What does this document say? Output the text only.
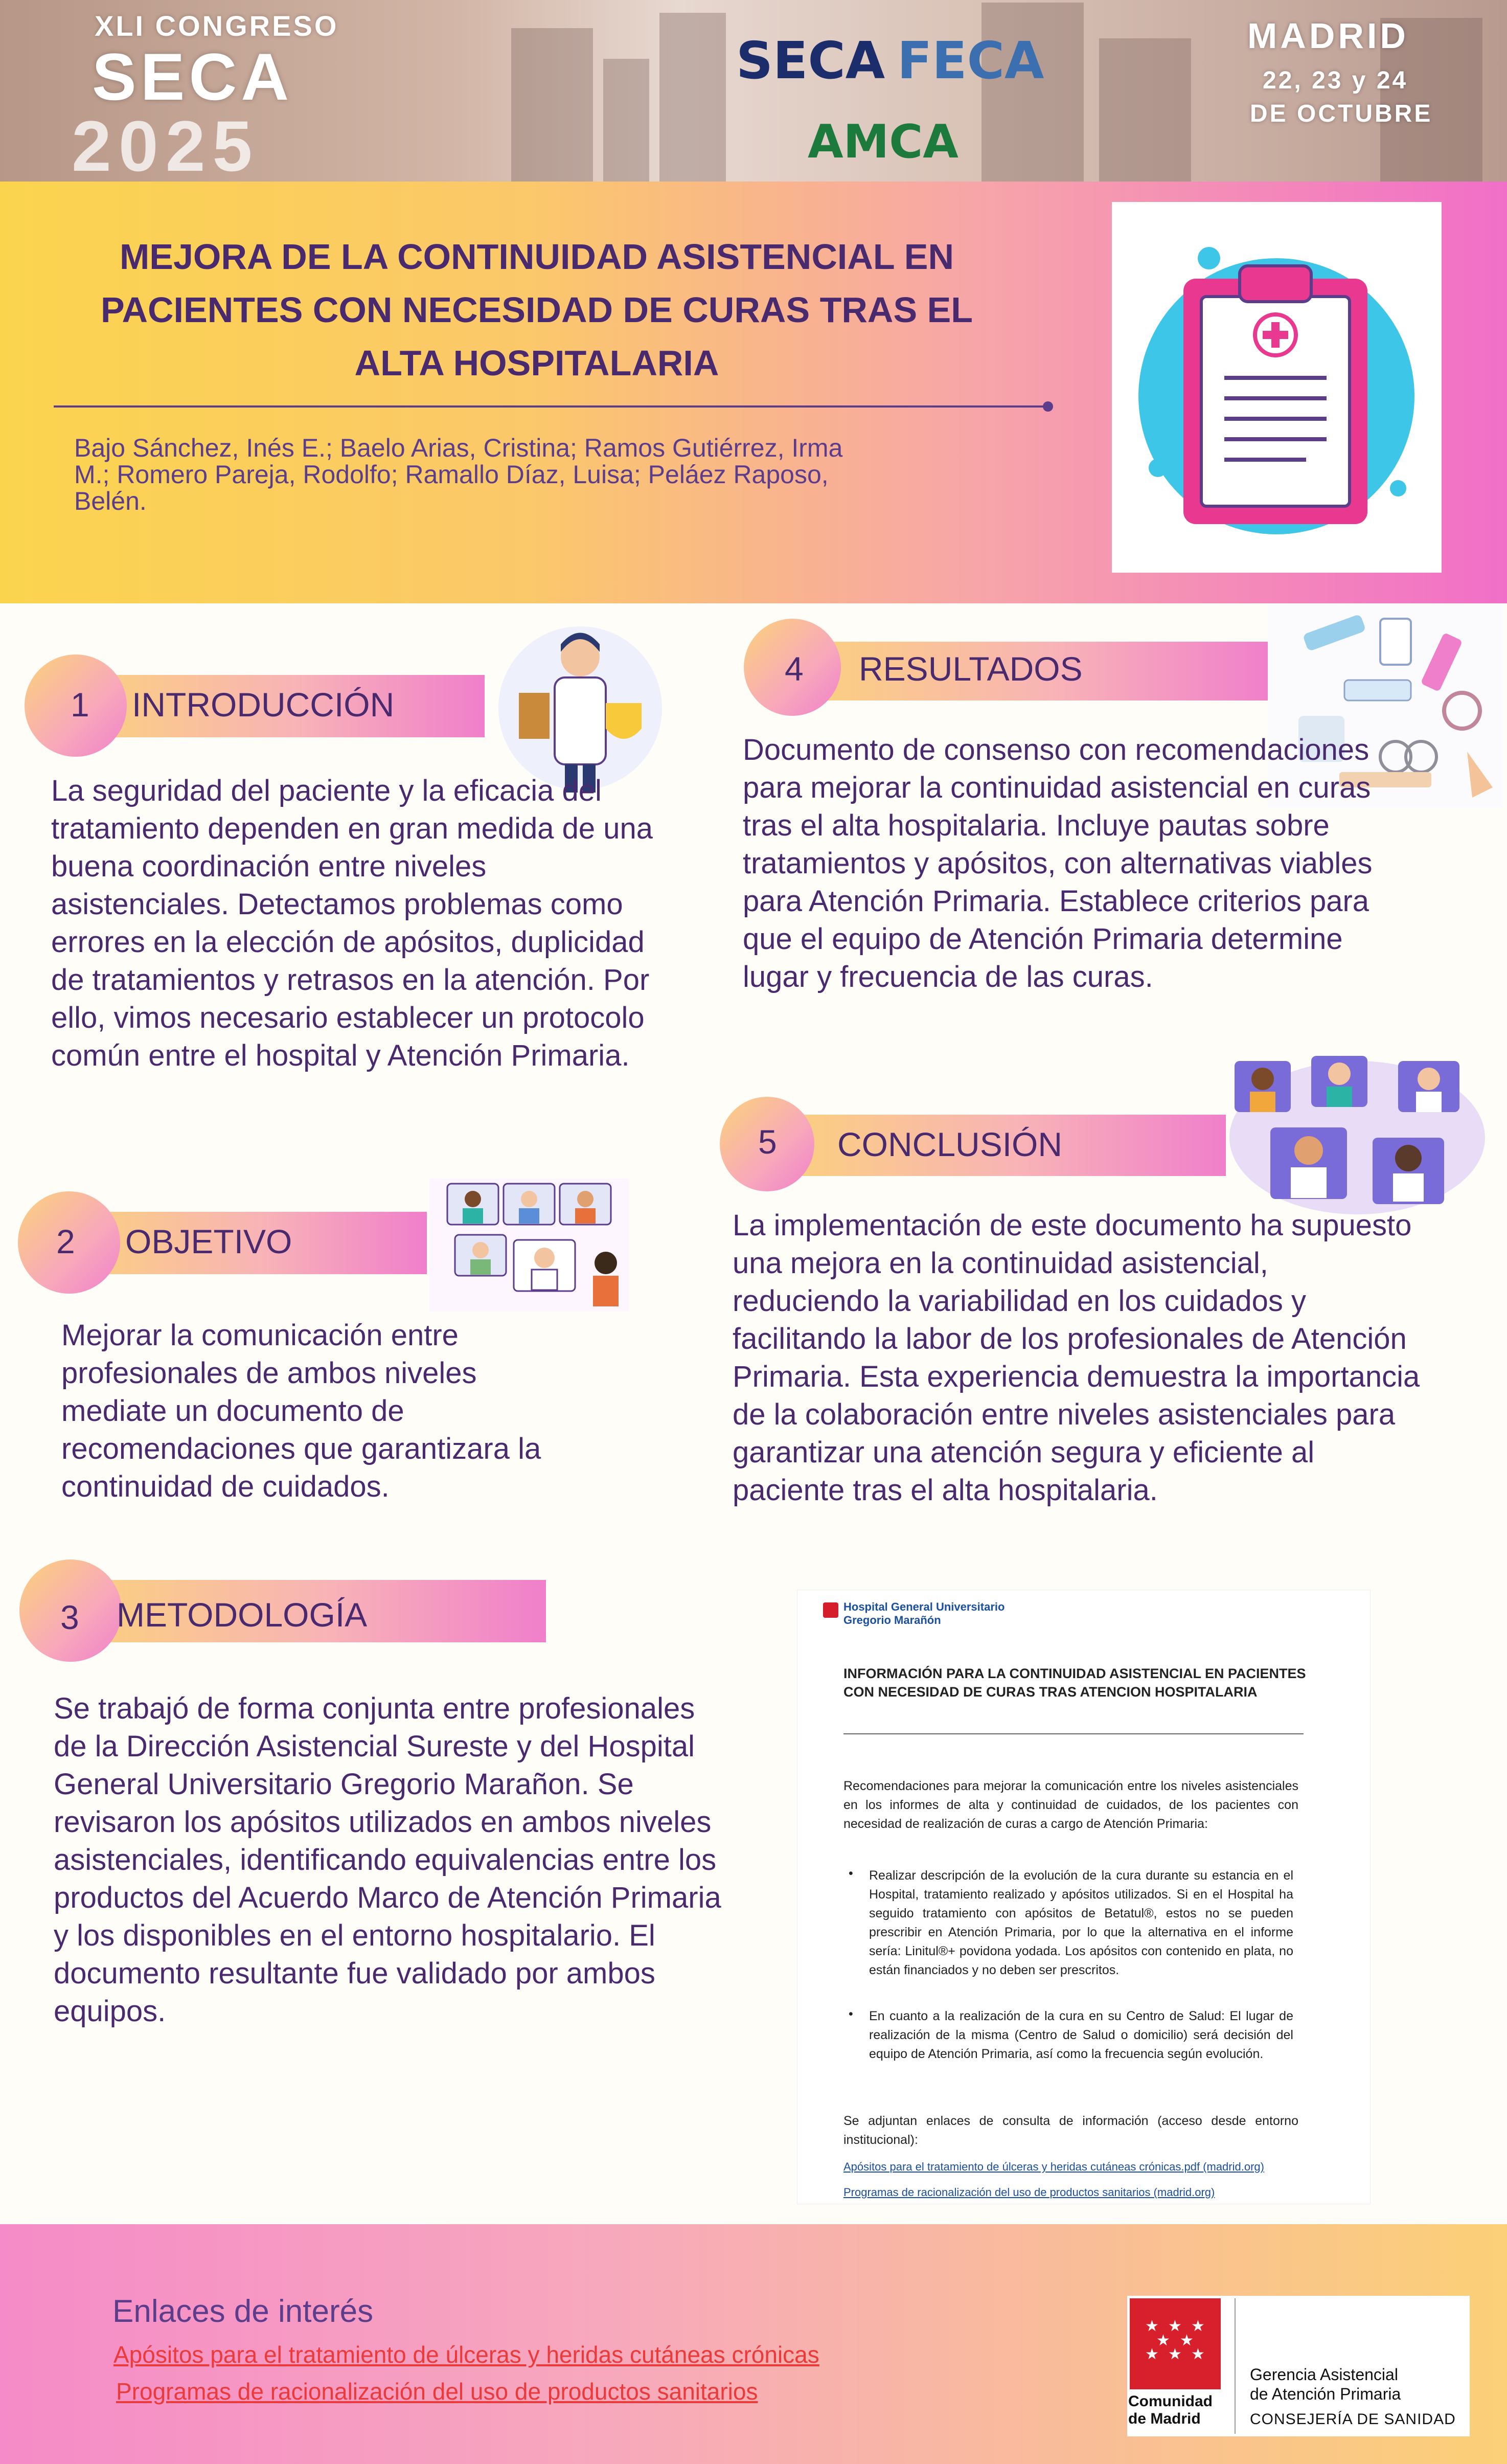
XLI CONGRESO
SECA
2025
SECA FECA
AMCA
MADRID
22, 23 y 24
DE OCTUBRE
MEJORA DE LA CONTINUIDAD ASISTENCIAL EN PACIENTES CON NECESIDAD DE CURAS TRAS EL ALTA HOSPITALARIA
Bajo Sánchez, Inés E.; Baelo Arias, Cristina; Ramos Gutiérrez, Irma M.; Romero Pareja, Rodolfo; Ramallo Díaz, Luisa; Peláez Raposo, Belén.
1 INTRODUCCIÓN
La seguridad del paciente y la eficacia del tratamiento dependen en gran medida de una buena coordinación entre niveles asistenciales. Detectamos problemas como errores en la elección de apósitos, duplicidad de tratamientos y retrasos en la atención. Por ello, vimos necesario establecer un protocolo común entre el hospital y Atención Primaria.
2 OBJETIVO
Mejorar la comunicación entre profesionales de ambos niveles mediate un documento de recomendaciones que garantizara la continuidad de cuidados.
3 METODOLOGÍA
Se trabajó de forma conjunta entre profesionales de la Dirección Asistencial Sureste y del Hospital General Universitario Gregorio Marañon. Se revisaron los apósitos utilizados en ambos niveles asistenciales, identificando equivalencias entre los productos del Acuerdo Marco de Atención Primaria y los disponibles en el entorno hospitalario. El documento resultante fue validado por ambos equipos.
4 RESULTADOS
Documento de consenso con recomendaciones para mejorar la continuidad asistencial en curas tras el alta hospitalaria. Incluye pautas sobre tratamientos y apósitos, con alternativas viables para Atención Primaria. Establece criterios para que el equipo de Atención Primaria determine lugar y frecuencia de las curas.
5 CONCLUSIÓN
La implementación de este documento ha supuesto una mejora en la continuidad asistencial, reduciendo la variabilidad en los cuidados y facilitando la labor de los profesionales de Atención Primaria. Esta experiencia demuestra la importancia de la colaboración entre niveles asistenciales para garantizar una atención segura y eficiente al paciente tras el alta hospitalaria.
Hospital General Universitario Gregorio Marañón
INFORMACIÓN PARA LA CONTINUIDAD ASISTENCIAL EN PACIENTES CON NECESIDAD DE CURAS TRAS ATENCION HOSPITALARIA
Recomendaciones para mejorar la comunicación entre los niveles asistenciales en los informes de alta y continuidad de cuidados, de los pacientes con necesidad de realización de curas a cargo de Atención Primaria:
• Realizar descripción de la evolución de la cura durante su estancia en el Hospital, tratamiento realizado y apósitos utilizados. Si en el Hospital ha seguido tratamiento con apósitos de Betatul®, estos no se pueden prescribir en Atención Primaria, por lo que la alternativa en el informe sería: Linitul®+ povidona yodada. Los apósitos con contenido en plata, no están financiados y no deben ser prescritos.
• En cuanto a la realización de la cura en su Centro de Salud: El lugar de realización de la misma (Centro de Salud o domicilio) será decisión del equipo de Atención Primaria, así como la frecuencia según evolución.
Se adjuntan enlaces de consulta de información (acceso desde entorno institucional):
Apósitos para el tratamiento de úlceras y heridas cutáneas crónicas.pdf (madrid.org)
Programas de racionalización del uso de productos sanitarios (madrid.org)
Enlaces de interés
Apósitos para el tratamiento de úlceras y heridas cutáneas crónicas
Programas de racionalización del uso de productos sanitarios
★ ★ ★
★ ★ ★
★ ★
Comunidad
de Madrid
Gerencia Asistencial
de Atención Primaria
CONSEJERÍA DE SANIDAD
